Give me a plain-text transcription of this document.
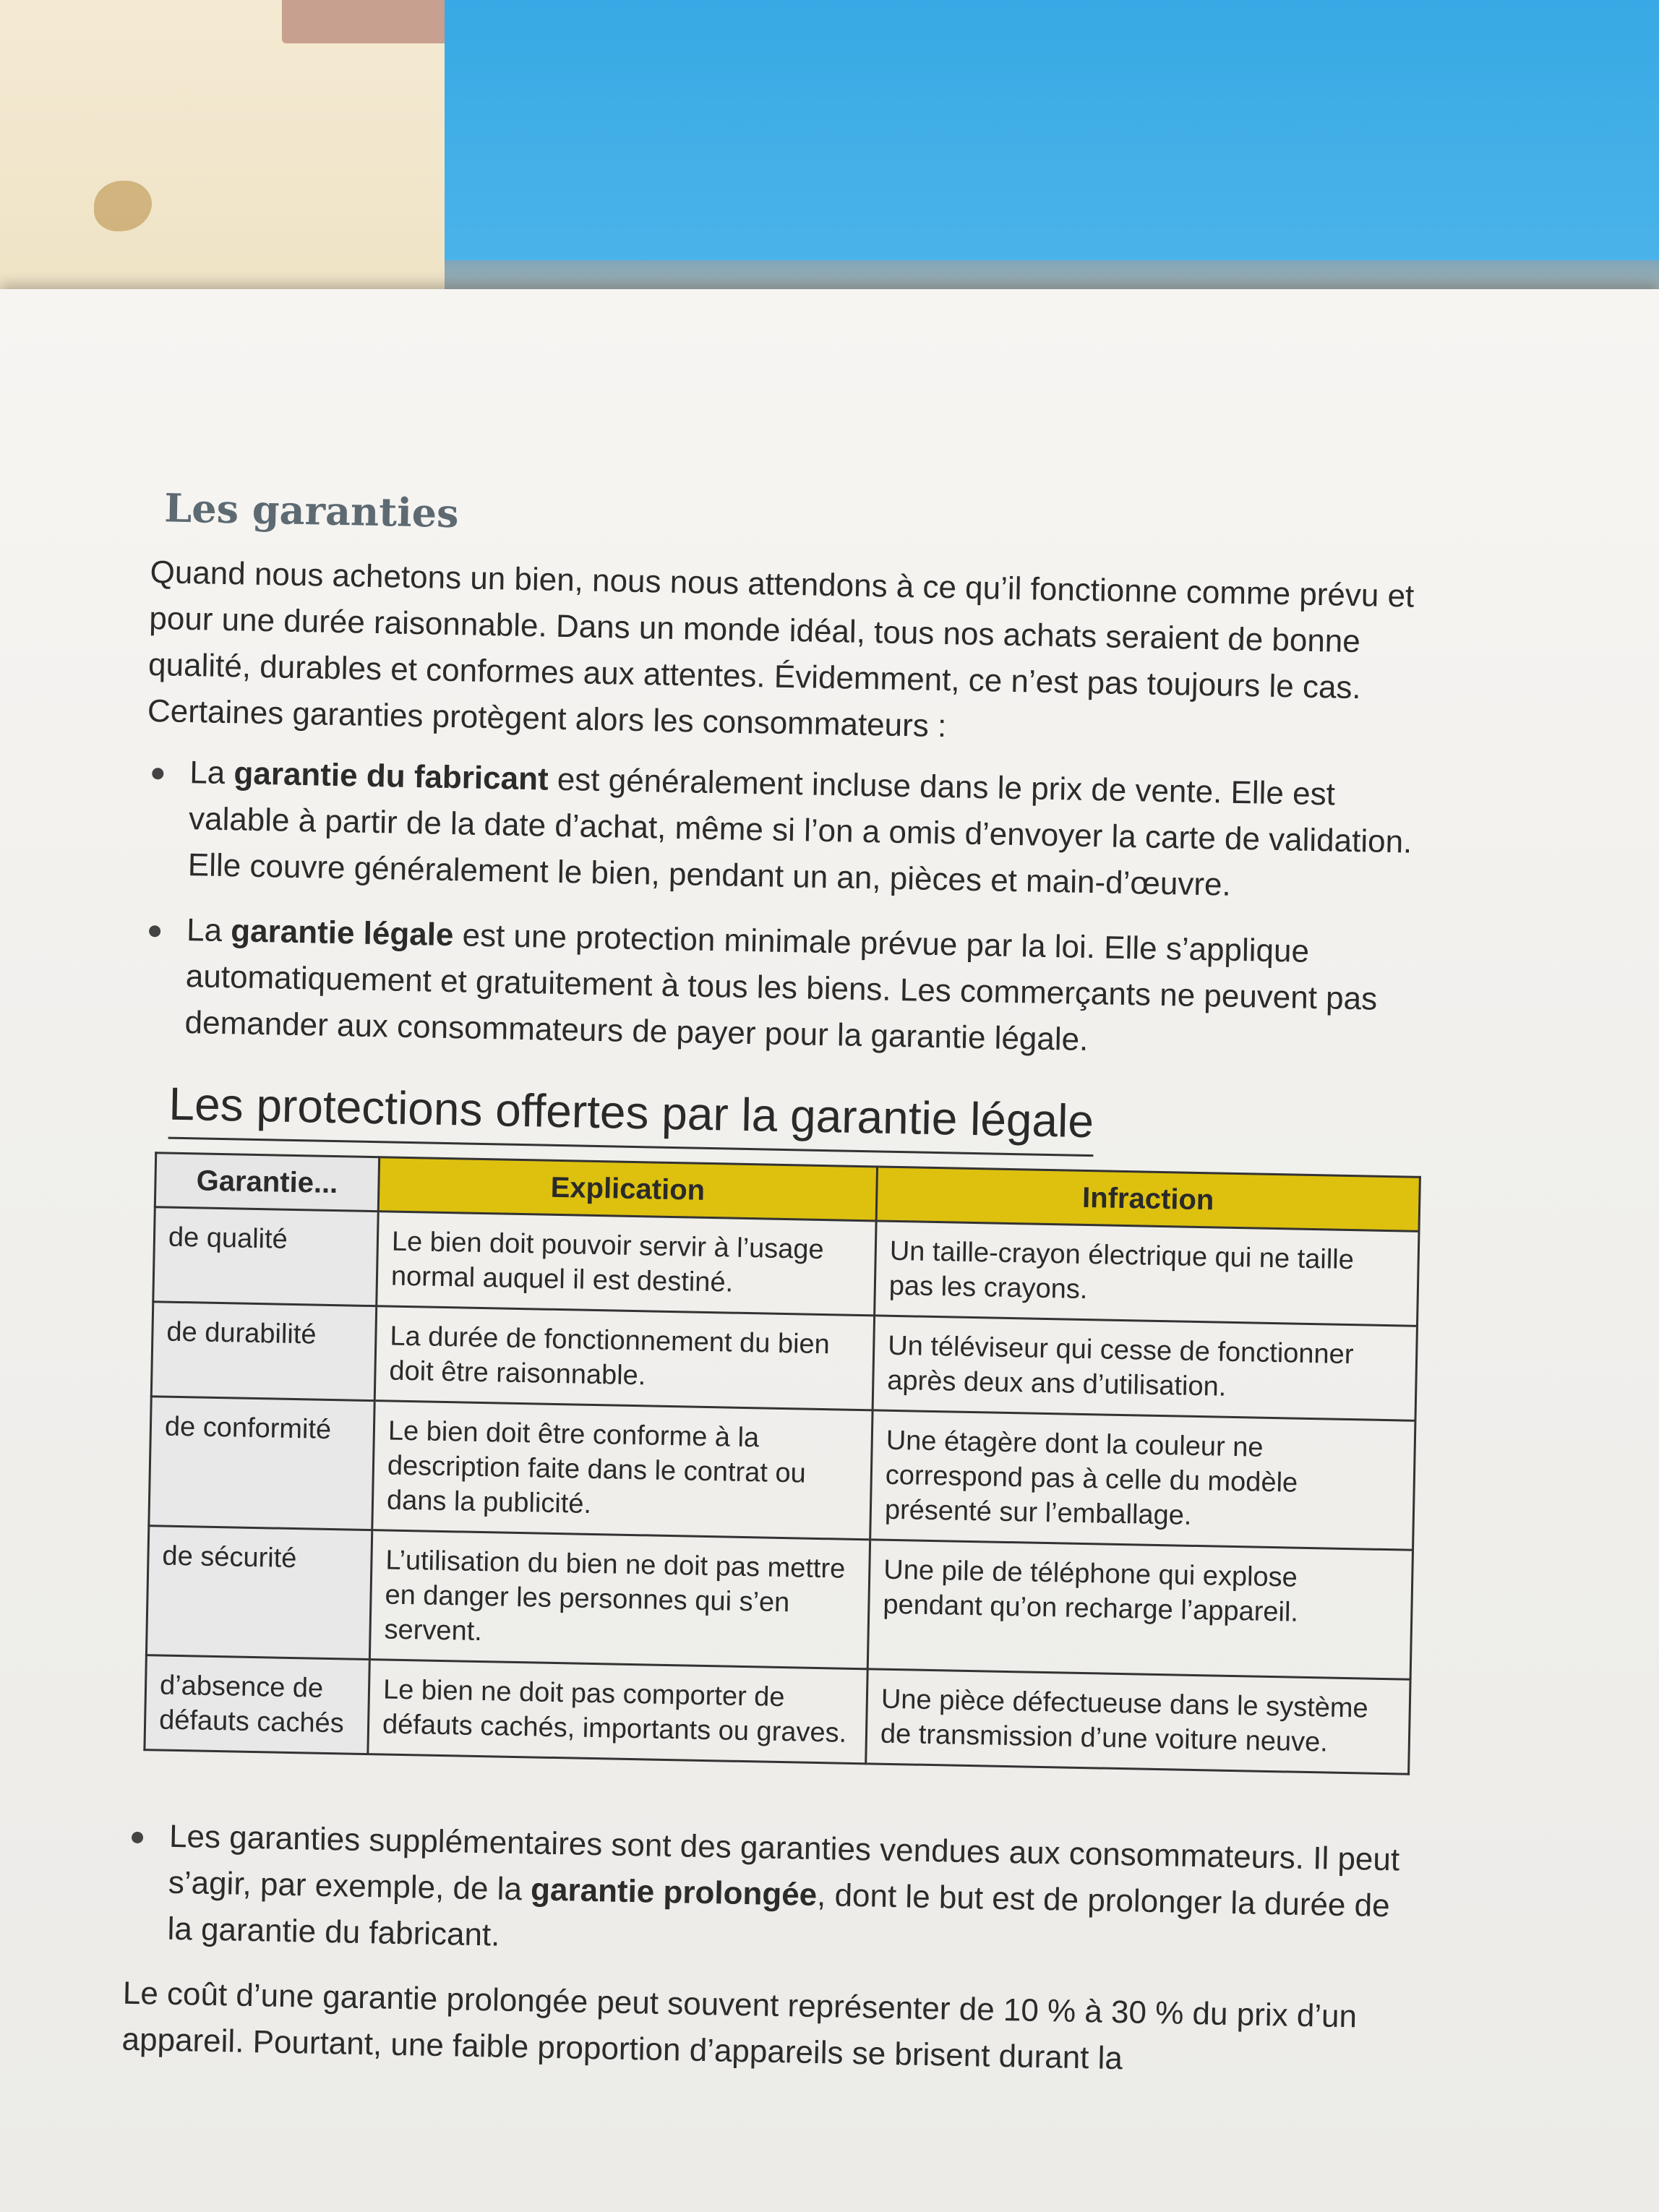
Les garanties

Quand nous achetons un bien, nous nous attendons à ce qu’il fonctionne comme prévu et pour une durée raisonnable. Dans un monde idéal, tous nos achats seraient de bonne qualité, durables et conformes aux attentes. Évidemment, ce n’est pas toujours le cas. Certaines garanties protègent alors les consommateurs :

La garantie du fabricant est généralement incluse dans le prix de vente. Elle est valable à partir de la date d’achat, même si l’on a omis d’envoyer la carte de validation. Elle couvre généralement le bien, pendant un an, pièces et main-d’œuvre.
La garantie légale est une protection minimale prévue par la loi. Elle s’applique automatiquement et gratuitement à tous les biens. Les commerçants ne peuvent pas demander aux consommateurs de payer pour la garantie légale.
Les protections offertes par la garantie légale
Garantie...	Explication	Infraction
de qualité	Le bien doit pouvoir servir à l’usage normal auquel il est destiné.	Un taille-crayon électrique qui ne taille pas les crayons.
de durabilité	La durée de fonctionnement du bien doit être raisonnable.	Un téléviseur qui cesse de fonctionner après deux ans d’utilisation.
de conformité	Le bien doit être conforme à la description faite dans le contrat ou dans la publicité.	Une étagère dont la couleur ne correspond pas à celle du modèle présenté sur l’emballage.
de sécurité	L’utilisation du bien ne doit pas mettre en danger les personnes qui s’en servent.	Une pile de téléphone qui explose pendant qu’on recharge l’appareil.
d’absence de défauts cachés	Le bien ne doit pas comporter de défauts cachés, importants ou graves.	Une pièce défectueuse dans le système de transmission d’une voiture neuve.
Les garanties supplémentaires sont des garanties vendues aux consommateurs. Il peut s’agir, par exemple, de la garantie prolongée, dont le but est de prolonger la durée de la garantie du fabricant.

Le coût d’une garantie prolongée peut souvent représenter de 10 % à 30 % du prix d’un appareil. Pourtant, une faible proportion d’appareils se brisent durant la
